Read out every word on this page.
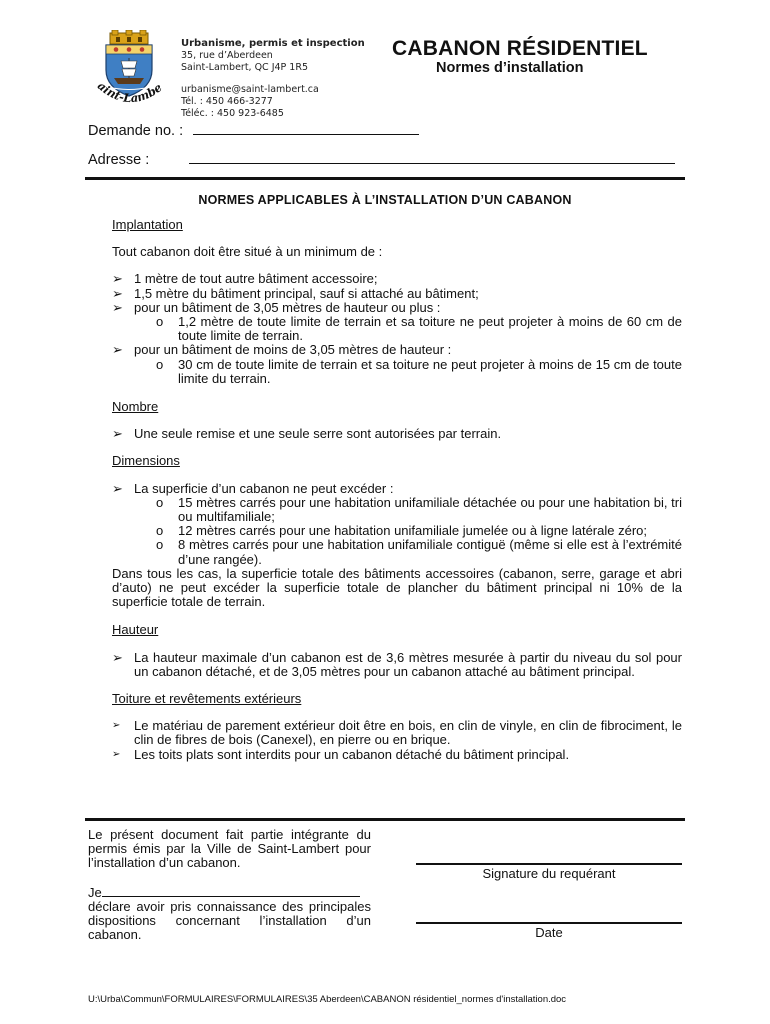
aint-Lambe
Urbanisme, permis et inspection
35, rue d’Aberdeen
Saint-Lambert, QC J4P 1R5
urbanisme@saint-lambert.ca
Tél. : 450 466-3277
Téléc. : 450 923-6485
CABANON RÉSIDENTIEL
Normes d’installation
Demande no. :
Adresse :
NORMES APPLICABLES À L’INSTALLATION D’UN CABANON

Implantation

Tout cabanon doit être situé à un minimum de :

➢ 1 mètre de tout autre bâtiment accessoire;
➢ 1,5 mètre du bâtiment principal, sauf si attaché au bâtiment;
➢ pour un bâtiment de 3,05 mètres de hauteur ou plus :
o 1,2 mètre de toute limite de terrain et sa toiture ne peut projeter à moins de 60 cm de toute limite de terrain.
➢ pour un bâtiment de moins de 3,05 mètres de hauteur :
o 30 cm de toute limite de terrain et sa toiture ne peut projeter à moins de 15 cm de toute limite du terrain.

Nombre

➢ Une seule remise et une seule serre sont autorisées par terrain.

Dimensions

➢ La superficie d’un cabanon ne peut excéder :
o 15 mètres carrés pour une habitation unifamiliale détachée ou pour une habitation bi, tri ou multifamiliale;
o 12 mètres carrés pour une habitation unifamiliale jumelée ou à ligne latérale zéro;
o 8 mètres carrés pour une habitation unifamiliale contiguë (même si elle est à l’extrémité d’une rangée).

Dans tous les cas, la superficie totale des bâtiments accessoires (cabanon, serre, garage et abri d’auto) ne peut excéder la superficie totale de plancher du bâtiment principal ni 10% de la superficie totale de terrain.

Hauteur

➢ La hauteur maximale d’un cabanon est de 3,6 mètres mesurée à partir du niveau du sol pour un cabanon détaché, et de 3,05 mètres pour un cabanon attaché au bâtiment principal.

Toiture et revêtements extérieurs

➢	Le matériau de parement extérieur doit être en bois, en clin de vinyle, en clin de fibrociment, le clin de fibres de bois (Canexel), en pierre ou en brique.
➢	Les toits plats sont interdits pour un cabanon détaché du bâtiment principal.
Le présent document fait partie intégrante du permis émis par la Ville de Saint-Lambert pour l’installation d’un cabanon.
Je
déclare avoir pris connaissance des principales dispositions concernant l’installation d’un cabanon.
Signature du requérant
Date
U:\Urba\Commun\FORMULAIRES\FORMULAIRES\35 Aberdeen\CABANON résidentiel_normes d'installation.doc
